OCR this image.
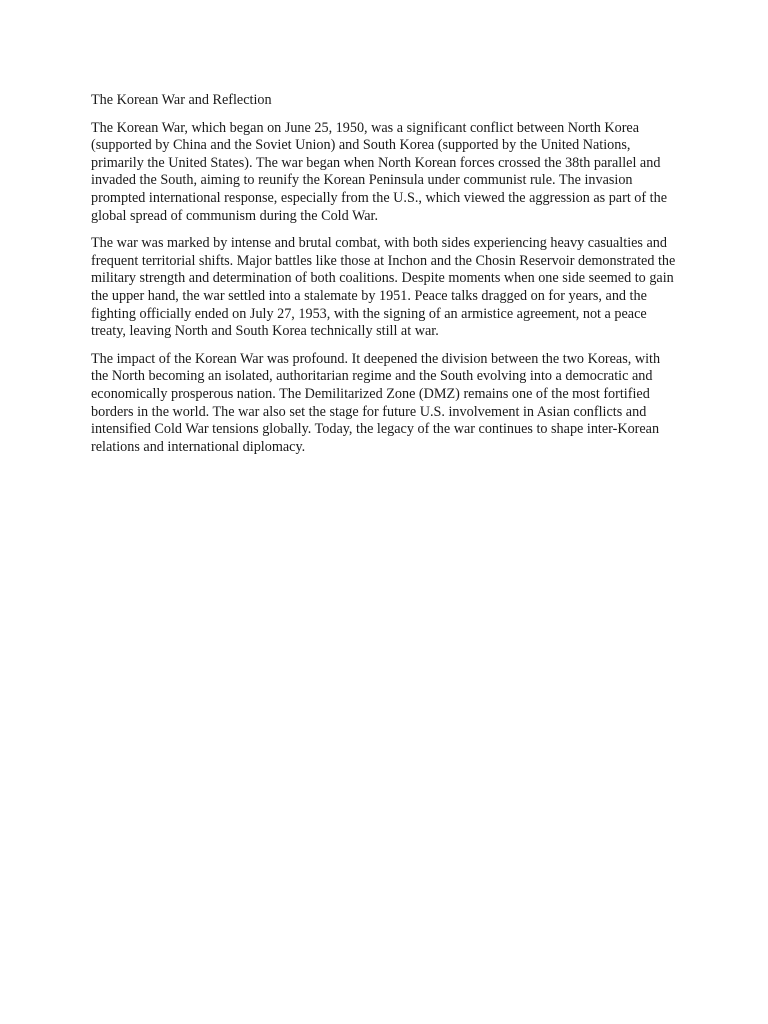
The Korean War and Reflection

The Korean War, which began on June 25, 1950, was a significant conflict between North Korea (supported by China and the Soviet Union) and South Korea (supported by the United Nations, primarily the United States). The war began when North Korean forces crossed the 38th parallel and invaded the South, aiming to reunify the Korean Peninsula under communist rule. The invasion prompted international response, especially from the U.S., which viewed the aggression as part of the global spread of communism during the Cold War.

The war was marked by intense and brutal combat, with both sides experiencing heavy casualties and frequent territorial shifts. Major battles like those at Inchon and the Chosin Reservoir demonstrated the military strength and determination of both coalitions. Despite moments when one side seemed to gain the upper hand, the war settled into a stalemate by 1951. Peace talks dragged on for years, and the fighting officially ended on July 27, 1953, with the signing of an armistice agreement, not a peace treaty, leaving North and South Korea technically still at war.

The impact of the Korean War was profound. It deepened the division between the two Koreas, with the North becoming an isolated, authoritarian regime and the South evolving into a democratic and economically prosperous nation. The Demilitarized Zone (DMZ) remains one of the most fortified borders in the world. The war also set the stage for future U.S. involvement in Asian conflicts and intensified Cold War tensions globally. Today, the legacy of the war continues to shape inter-Korean relations and international diplomacy.
